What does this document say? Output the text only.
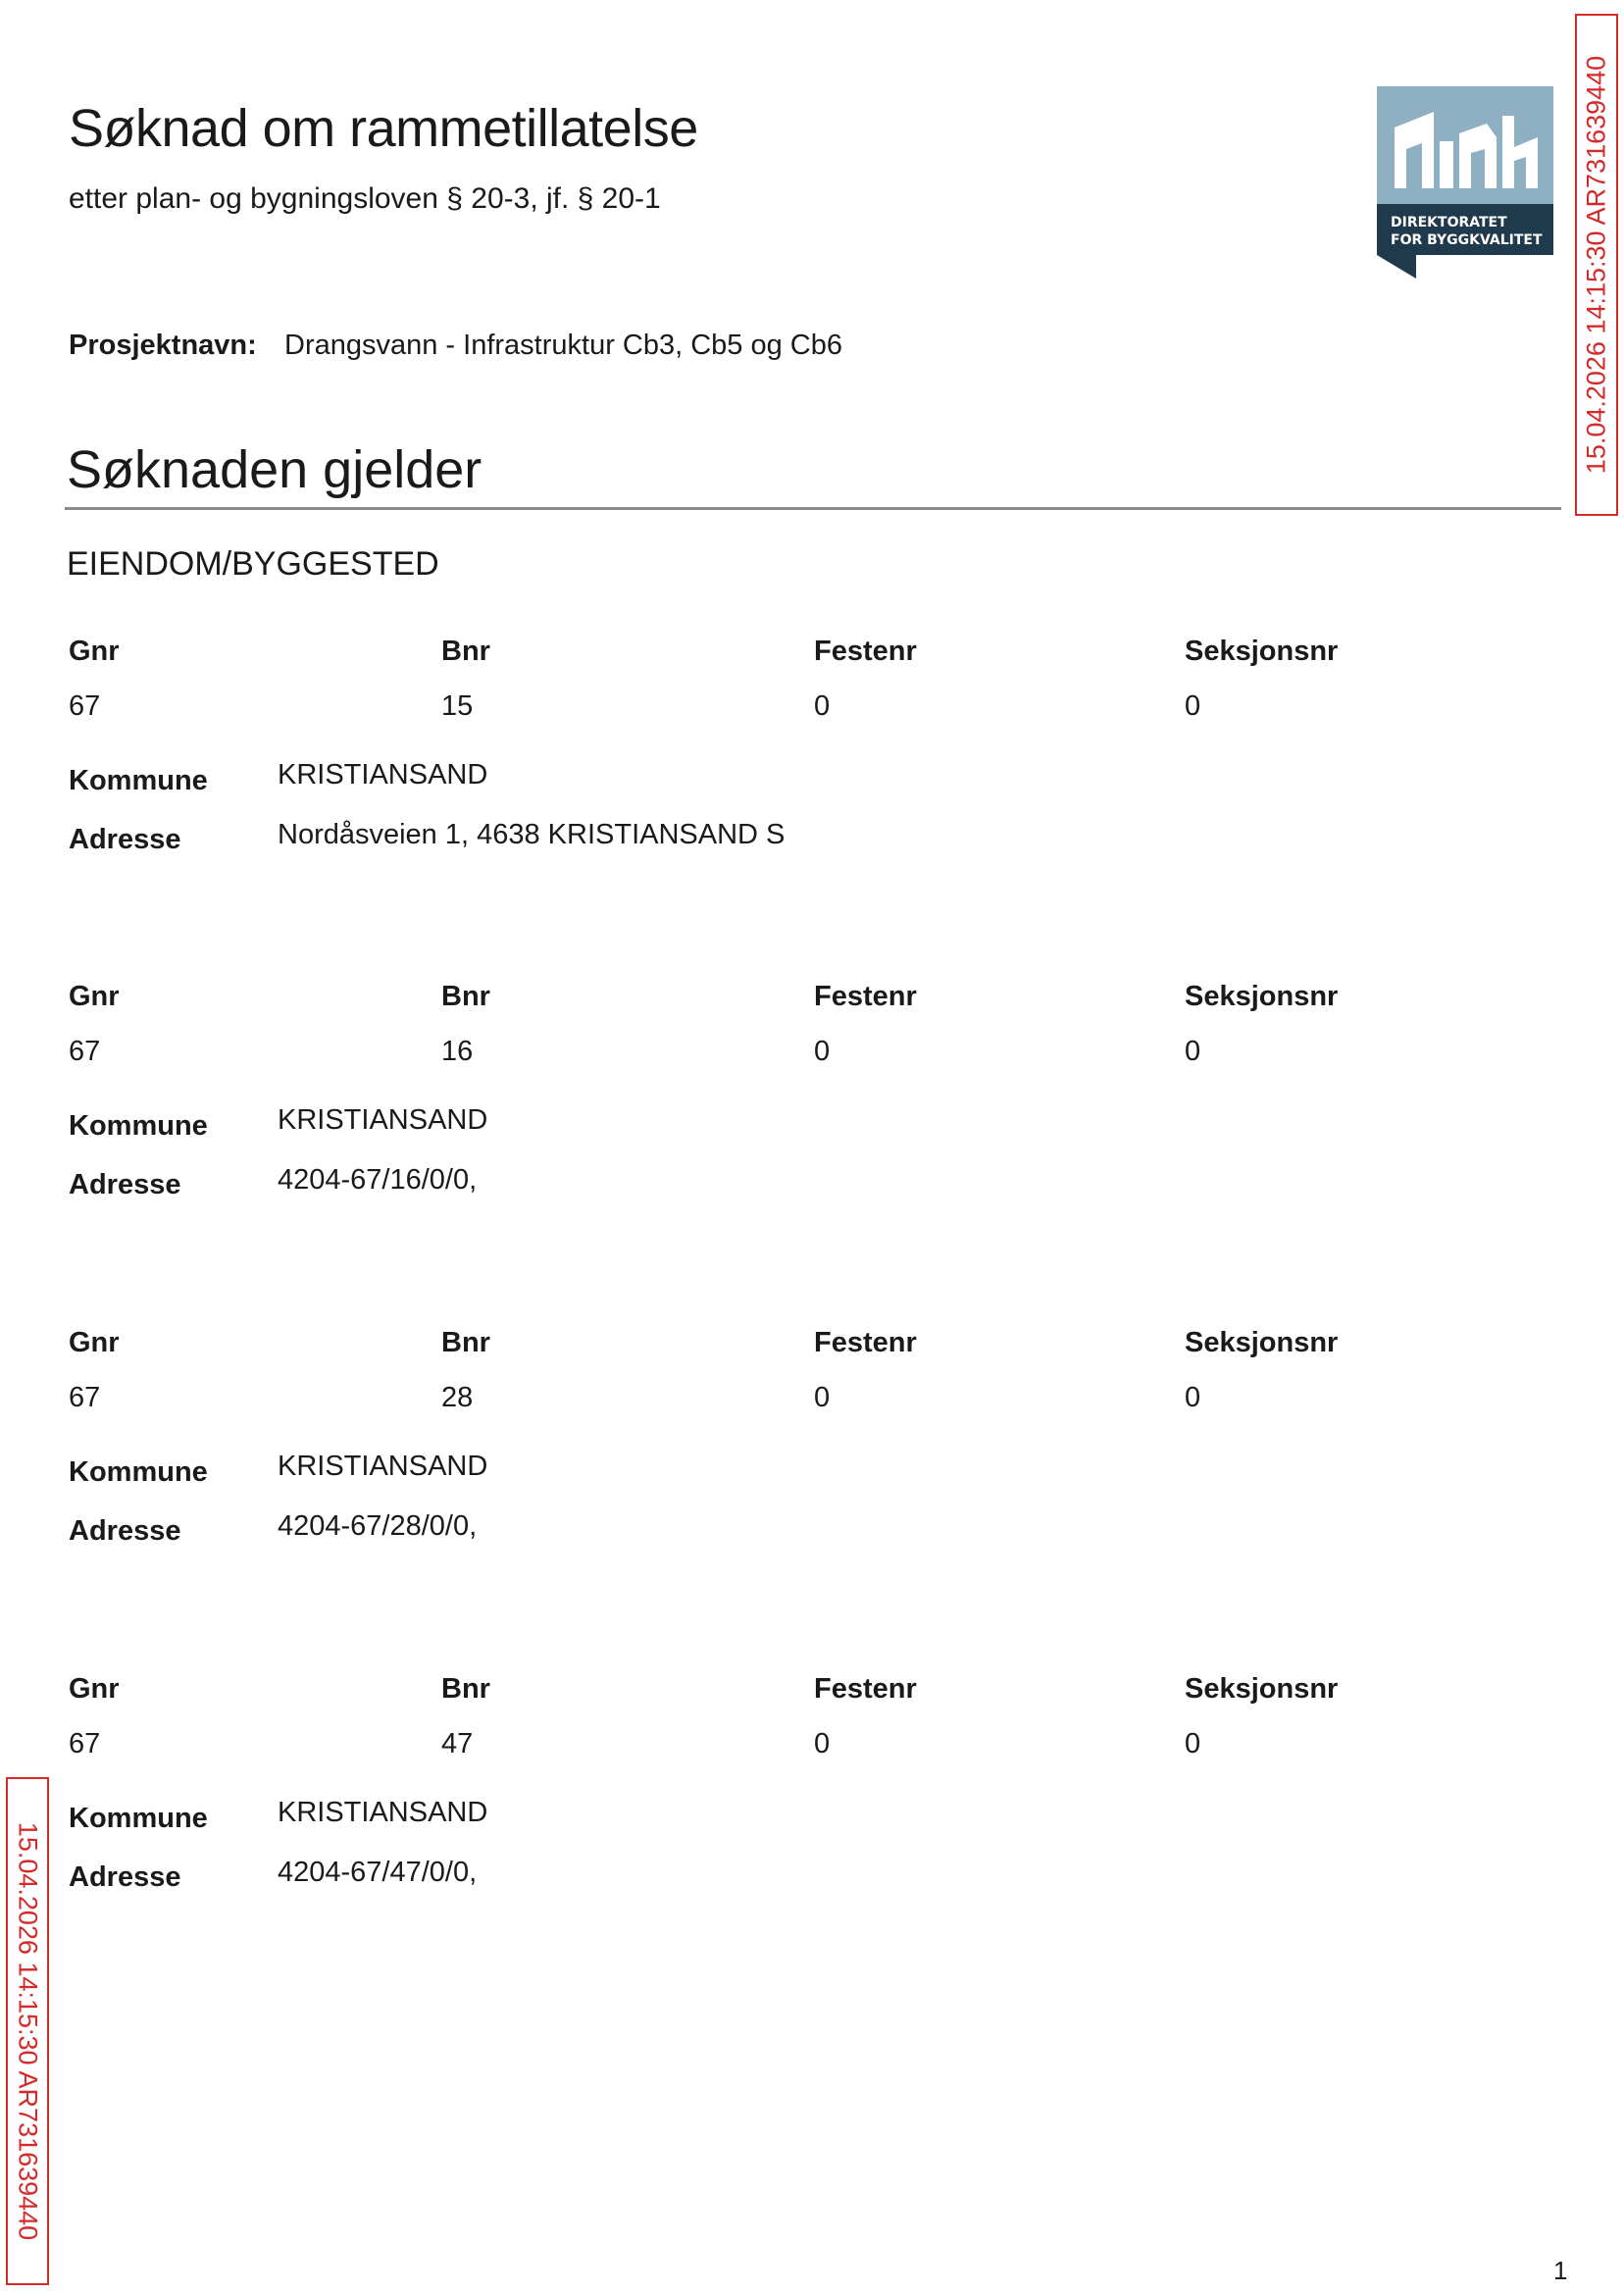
Søknad om rammetillatelse
etter plan- og bygningsloven § 20-3, jf. § 20-1
DIREKTORATET
FOR BYGGKVALITET 15.04.2026 14:15:30 AR731639440
15.04.2026 14:15:30 AR731639440
Prosjektnavn: Drangsvann - Infrastruktur Cb3, Cb5 og Cb6
Søknaden gjelder
EIENDOM/BYGGESTED
Gnr	Bnr	Festenr	Seksjonsnr
67	15	0	0
Kommune KRISTIANSAND
Adresse	Nordåsveien 1, 4638 KRISTIANSAND S
Gnr	Bnr	Festenr	Seksjonsnr
67	16	0	0
Kommune KRISTIANSAND
Adresse	4204-67/16/0/0,
Gnr	Bnr	Festenr	Seksjonsnr
67	28	0	0
Kommune KRISTIANSAND
Adresse	4204-67/28/0/0,
Gnr	Bnr	Festenr	Seksjonsnr
67	47	0	0
Kommune KRISTIANSAND
Adresse	4204-67/47/0/0,
1
